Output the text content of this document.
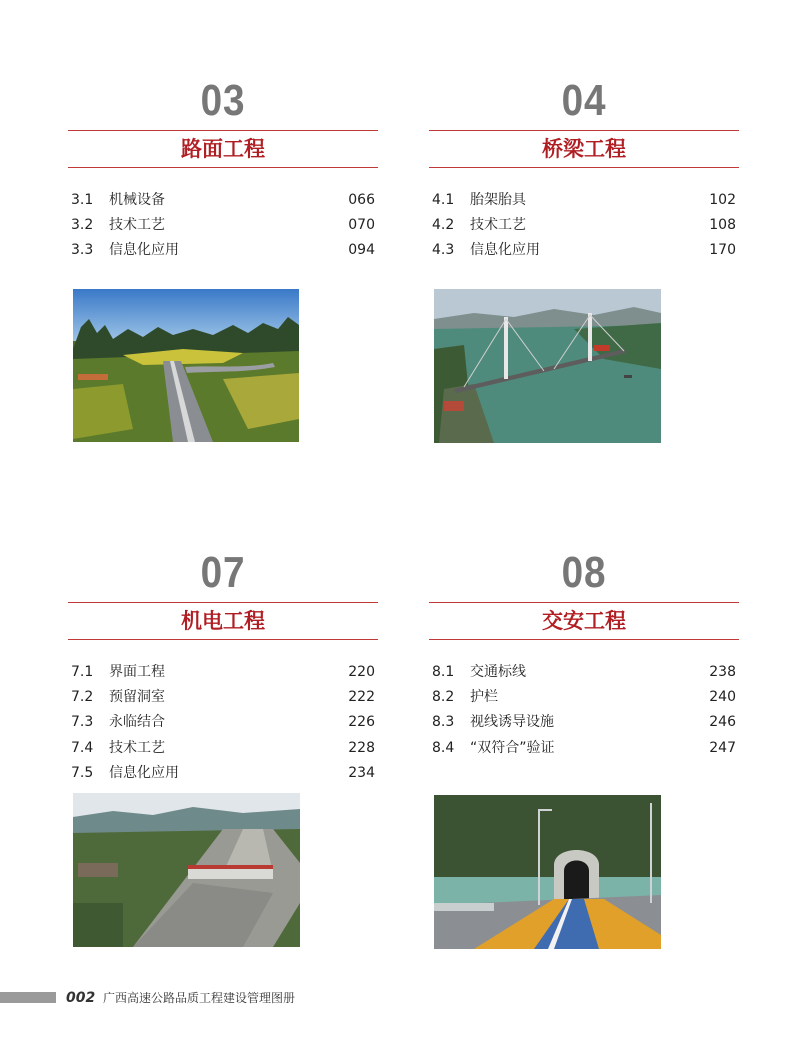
03
路面工程
3.1	机械设备	066
3.2	技术工艺	070
3.3	信息化应用	094
04
桥梁工程
4.1	胎架胎具	102
4.2	技术工艺	108
4.3	信息化应用	170
07
机电工程
7.1	界面工程	220
7.2	预留洞室	222
7.3	永临结合	226
7.4	技术工艺	228
7.5	信息化应用	234
08
交安工程
8.1	交通标线	238
8.2	护栏	240
8.3	视线诱导设施	246
8.4	“双符合”验证	247
002 广西高速公路品质工程建设管理图册
